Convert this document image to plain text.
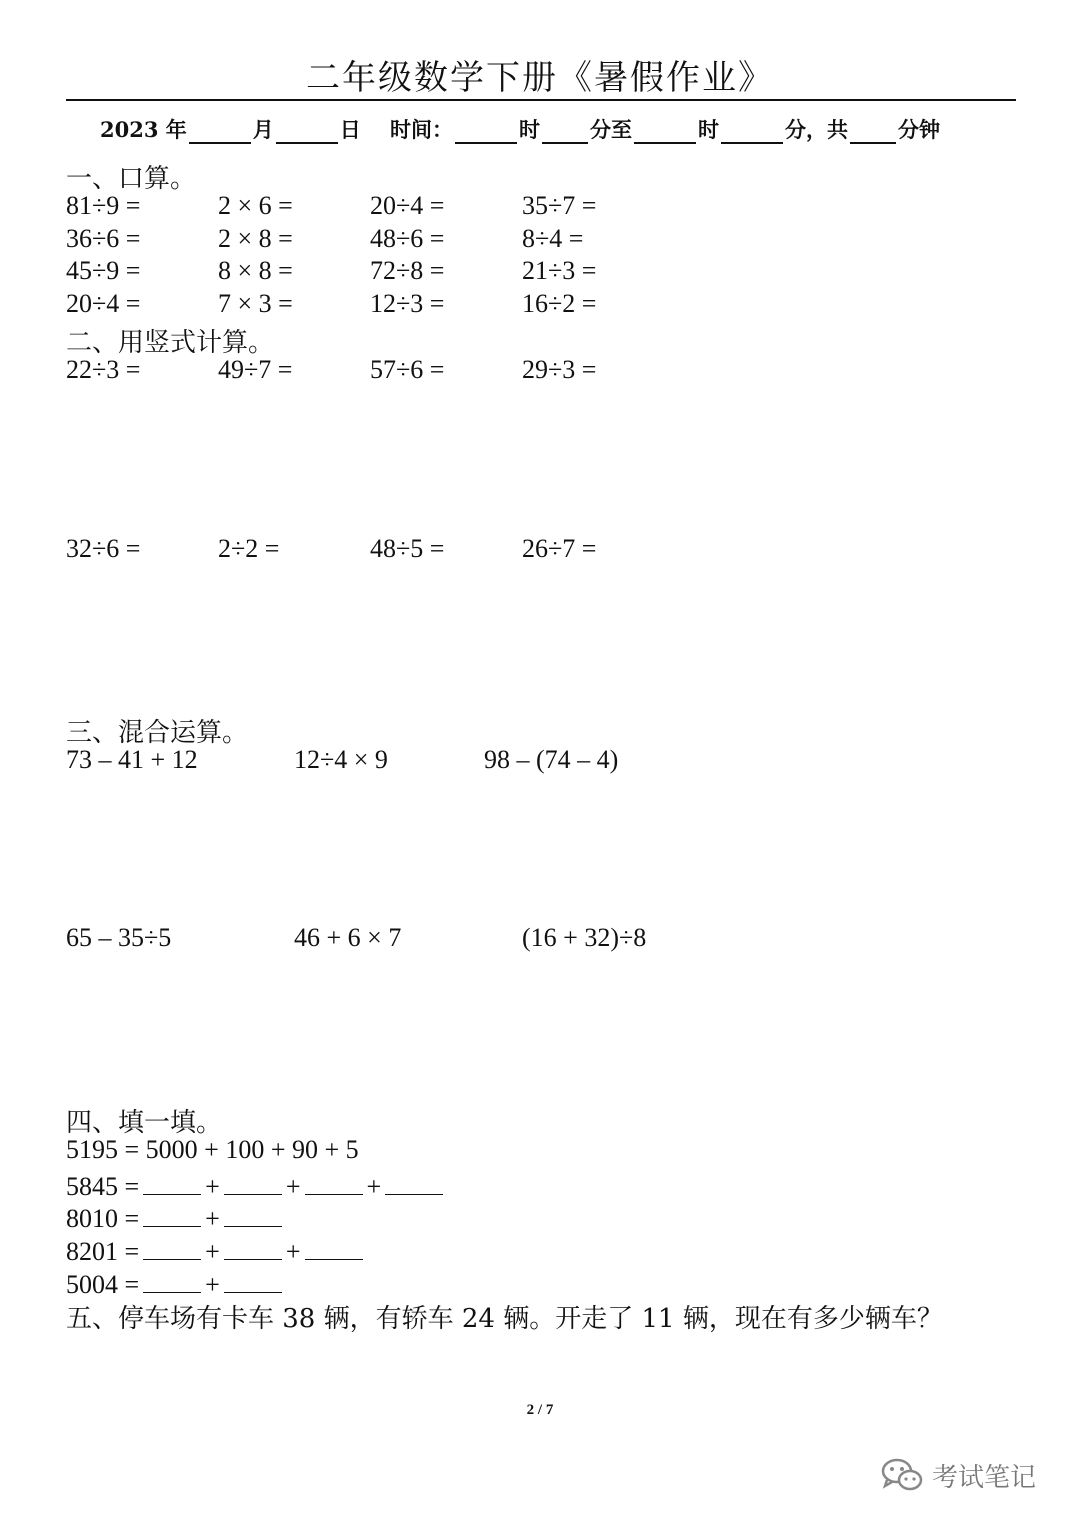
二年级数学下册《暑假作业》
2023 年	月	日 时间：	时 分至	时	分，共 分钟
一、口算。
81÷9 =	2 × 6 =	20÷4 =	35÷7 =
36÷6 =	2 × 8 =	48÷6 =	8÷4 =
45÷9 =	8 × 8 =	72÷8 =	21÷3 =
20÷4 =	7 × 3 =	12÷3 =	16÷2 =
二、用竖式计算。
22÷3 =	49÷7 =	57÷6 =	29÷3 =
32÷6 =	2÷2 =	48÷5 =	26÷7 =
三、混合运算。
73 – 41 + 12	12÷4 × 9	98 – (74 – 4)
65 – 35÷5	46 + 6 × 7	(16 + 32)÷8
四、填一填。
5195 = 5000 + 100 + 90 + 5
5845 =	+	+	+
8010 =	+
8201 =	+	+
5004 =	+
五、停车场有卡车 38 辆，有轿车 24 辆。开走了 11 辆，现在有多少辆车？
2 / 7
考试笔记
